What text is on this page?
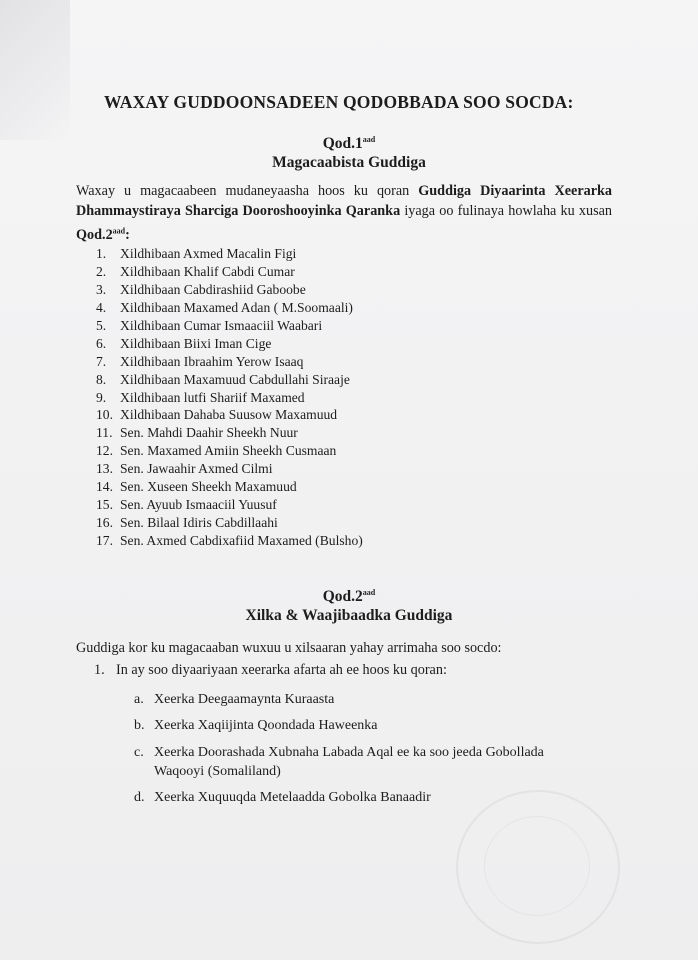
WAXAY GUDDOONSADEEN QODOBBADA SOO SOCDA:
Qod.1$^{aad}$
Magacaabista Guddiga
Waxay u magacaabeen mudaneyaasha hoos ku qoran Guddiga Diyaarinta Xeerarka Dhammaystiraya Sharciga Dooroshooyinka Qaranka iyaga oo fulinaya howlaha ku xusan Qod.2$^{aad}$:
1. Xildhibaan Axmed Macalin Figi
2. Xildhibaan Khalif Cabdi Cumar
3. Xildhibaan Cabdirashiid Gaboobe
4. Xildhibaan Maxamed Adan ( M.Soomaali)
5. Xildhibaan Cumar Ismaaciil Waabari
6. Xildhibaan Biixi Iman Cige
7. Xildhibaan Ibraahim Yerow Isaaq
8. Xildhibaan Maxamuud Cabdullahi Siraaje
9. Xildhibaan lutfi Shariif Maxamed
10. Xildhibaan Dahaba Suusow Maxamuud
11. Sen. Mahdi Daahir Sheekh Nuur
12. Sen. Maxamed Amiin Sheekh Cusmaan
13. Sen. Jawaahir Axmed Cilmi
14. Sen. Xuseen Sheekh Maxamuud
15. Sen. Ayuub Ismaaciil Yuusuf
16. Sen. Bilaal Idiris Cabdillaahi
17. Sen. Axmed Cabdixafiid Maxamed (Bulsho)
Qod.2$^{aad}$
Xilka & Waajibaadka Guddiga
Guddiga kor ku magacaaban wuxuu u xilsaaran yahay arrimaha soo socdo:
1. In ay soo diyaariyaan xeerarka afarta ah ee hoos ku qoran:
a. Xeerka Deegaamaynta Kuraasta
b. Xeerka Xaqiijinta Qoondada Haweenka
c. Xeerka Doorashada Xubnaha Labada Aqal ee ka soo jeeda Gobollada Waqooyi (Somaliland)
d. Xeerka Xuquuqda Metelaadda Gobolka Banaadir
